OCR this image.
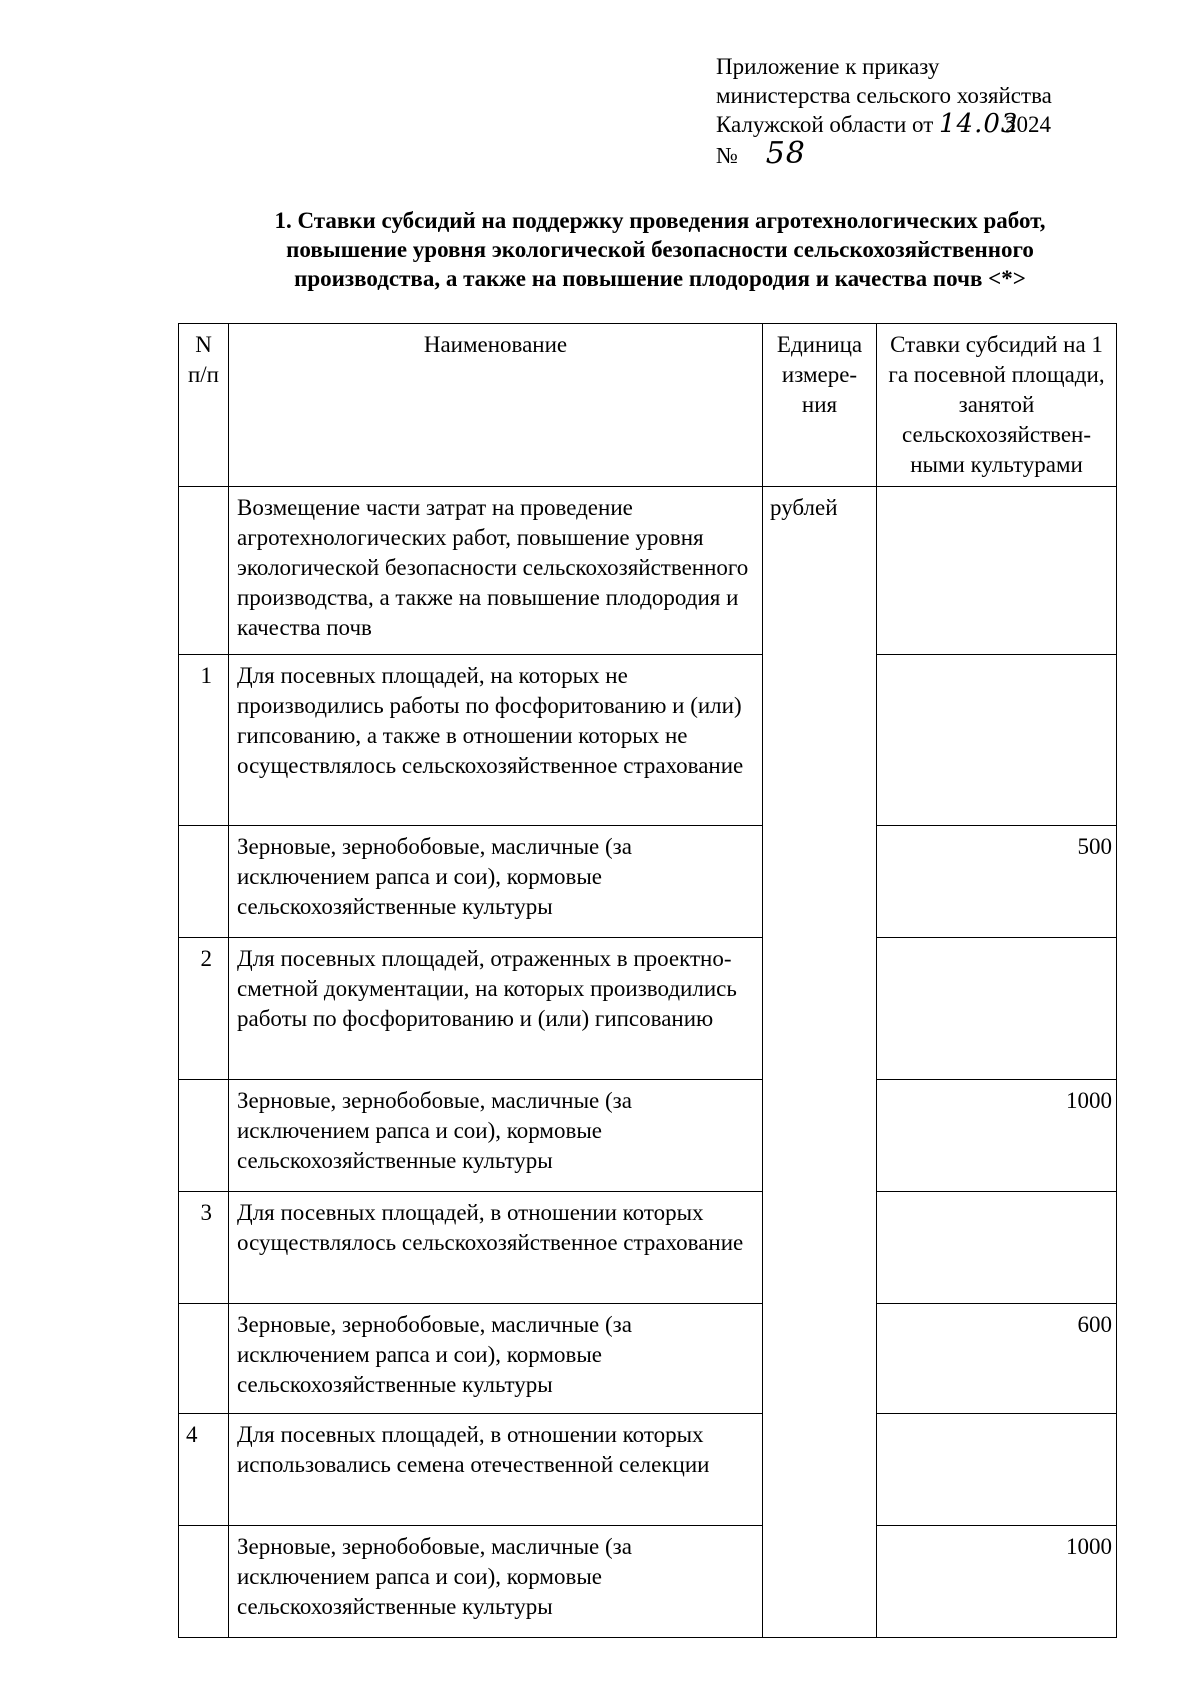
Приложение к приказу
министерства сельского хозяйства
Калужской области от 14.032024
№ 58
1. Ставки субсидий на поддержку проведения агротехнологических работ,
повышение уровня экологической безопасности сельскохозяйственного
производства, а также на повышение плодородия и качества почв <*>
N п/п	Наименование	Единица измере-ния	Ставки субсидий на 1 га посевной площади, занятой сельскохозяйствен-ными культурами
	Возмещение части затрат на проведение агротехнологических работ, повышение уровня экологической безопасности сельскохозяйственного производства, а также на повышение плодородия и качества почв	рублей	
1	Для посевных площадей, на которых не производились работы по фосфоритованию и (или) гипсованию, а также в отношении которых не осуществлялось сельскохозяйственное страхование		
	Зерновые, зернобобовые, масличные (за исключением рапса и сои), кормовые сельскохозяйственные культуры		500
2	Для посевных площадей, отраженных в проектно-сметной документации, на которых производились работы по фосфоритованию и (или) гипсованию		
	Зерновые, зернобобовые, масличные (за исключением рапса и сои), кормовые сельскохозяйственные культуры		1000
3	Для посевных площадей, в отношении которых осуществлялось сельскохозяйственное страхование		
	Зерновые, зернобобовые, масличные (за исключением рапса и сои), кормовые сельскохозяйственные культуры		600
4	Для посевных площадей, в отношении которых использовались семена отечественной селекции		
	Зерновые, зернобобовые, масличные (за исключением рапса и сои), кормовые сельскохозяйственные культуры		1000
